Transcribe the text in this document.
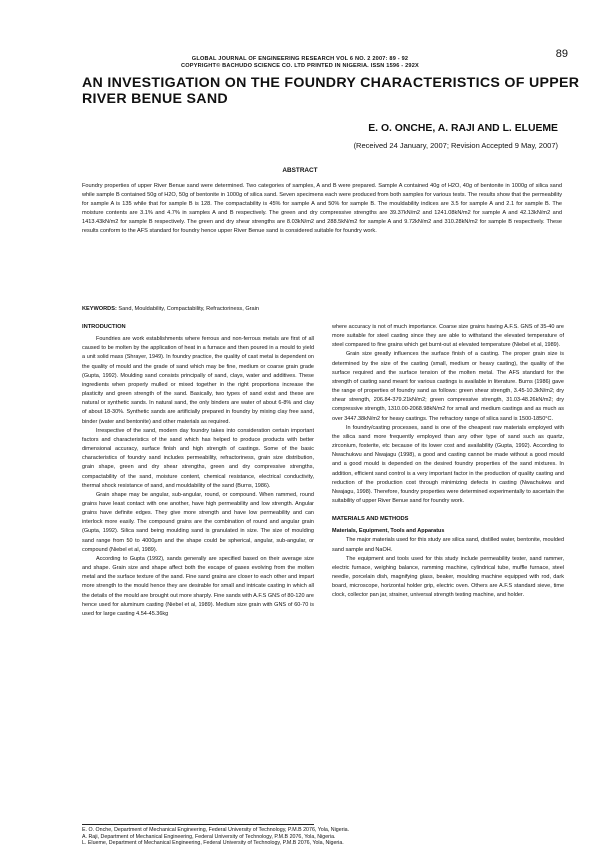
89
GLOBAL JOURNAL OF ENGINEERING RESEARCH VOL 6 NO. 2 2007: 89 - 92
COPYRIGHT© BACHUDO SCIENCE CO. LTD PRINTED IN NIGERIA. ISSN 1596 - 292X
AN INVESTIGATION ON THE FOUNDRY CHARACTERISTICS OF UPPER RIVER BENUE SAND
E. O. ONCHE, A. RAJI AND L. ELUEME
(Received 24 January, 2007; Revision Accepted 9 May, 2007)
ABSTRACT

Foundry properties of upper River Benue sand were determined. Two categories of samples, A and B were prepared. Sample A contained 40g of H2O, 40g of bentonite in 1000g of silica sand while sample B contained 50g of H2O, 50g of bentonite in 1000g of silica sand. Seven specimens each were produced from both samples for various tests. The results show that the permeability for sample A is 135 while that for sample B is 128. The compactability is 45% for sample A and 50% for sample B. The mouldability indices are 3.5 for sample A and 2.1 for sample B. The moisture contents are 3.1% and 4.7% in samples A and B respectively. The green and dry compressive strengths are 39.37kN/m2 and 1241.08kN/m2 for sample A and 42.13kN/m2 and 1413.43kN/m2 for sample B respectively. The green and dry shear strengths are 8.03kN/m2 and 288.5kN/m2 for sample A and 9.72kN/m2 and 310.28kN/m2 for sample B respectively. These results conform to the AFS standard for foundry hence upper River Benue sand is considered suitable for foundry work.

KEYWORDS: Sand, Mouldability, Compactability, Refractoriness, Grain
INTRODUCTION

Foundries are work establishments where ferrous and non-ferrous metals are first of all caused to be molten by the application of heat in a furnace and then poured in a mould to yield a unit solid mass (Shrayer, 1949). In foundry practice, the quality of cast metal is dependent on the quality of mould and the grade of sand which may be fine, medium or coarse grain grade (Gupta, 1992). Moulding sand consists principally of sand, clays, water and additives. These ingredients when properly mulled or mixed together in the right proportions increase the plasticity and green strength of the sand. Basically, two types of sand exist and these are natural or synthetic sands. In natural sand, the only binders are water of about 6-8% and clay of about 18-30%. Synthetic sands are artificially prepared in foundry by mixing clay free sand, binder (water and bentonite) and other materials as required.

Irrespective of the sand, modern day foundry takes into consideration certain important factors and characteristics of the sand which has helped to produce products with better dimensional accuracy, surface finish and high strength of castings. Some of the basic characteristics of foundry sand includes permeability, refractoriness, grain size distribution, grain shape, green and dry shear strengths, green and dry compressive strengths, compactability of the sand, moisture content, chemical resistance, electrical conductivity, thermal shock resistance of sand, and mouldability of the sand (Burns, 1986).

Grain shape may be angular, sub-angular, round, or compound. When rammed, round grains have least contact with one another, have high permeability and low strength. Angular grains have definite edges. They give more strength and have low permeability and can interlock more easily. The compound grains are the combination of round and angular grain (Gupta, 1992). Silica sand being moulding sand is granulated in size. The size of moulding sand range from 50 to 4000μm and the shape could be spherical, angular, sub-angular, or compound (Niebel et al, 1989).

According to Gupta (1992), sands generally are specified based on their average size and shape. Grain size and shape affect both the escape of gases evolving from the molten metal and the surface texture of the sand. Fine sand grains are closer to each other and impart more strength to the mould hence they are desirable for small and intricate casting in which all the details of the mould are brought out more sharply. Fine sands with A.F.S GNS of 80-120 are hence used for aluminum casting (Niebel et al, 1989). Medium size grain with GNS of 60-70 is used for large casting 4.54-45.36kg

where accuracy is not of much importance. Coarse size grains having A.F.S. GNS of 35-40 are more suitable for steel casting since they are able to withstand the elevated temperature of steel compared to fine grains which get burnt-out at elevated temperature (Niebel et al, 1989).

Grain size greatly influences the surface finish of a casting. The proper grain size is determined by the size of the casting (small, medium or heavy casting), the quality of the surface required and the surface tension of the molten metal. The AFS standard for the strength of casting sand meant for various castings is available in literature. Burns (1986) gave the range of properties of foundry sand as follows: green shear strength, 3.45-10.3kN/m2; dry shear strength, 206.84-379.21kN/m2; green compressive strength, 31.03-48.26kN/m2; dry compressive strength, 1310.00-2068.98kN/m2 for small and medium castings and as much as over 3447.38kN/m2 for heavy castings. The refractory range of silica sand is 1500-1850°C.

In foundry/casting processes, sand is one of the cheapest raw materials employed with the silica sand more frequently employed than any other type of sand such as quartz, zirconium, fosterite, etc because of its lower cost and availability (Gupta, 1992). According to Nwachukwu and Nwajagu (1998), a good and casting cannot be made without a good mould and a good mould is depended on the desired foundry properties of the sand mixtures. In addition, efficient sand control is a very important factor in the production of quality casting and reduction of the production cost through minimizing defects in casting (Nwachukwu and Nwajagu, 1998). Therefore, foundry properties were determined experimentally to ascertain the suitability of upper River Benue sand for foundry work.

MATERIALS AND METHODS
Materials, Equipment, Tools and Apparatus

The major materials used for this study are silica sand, distilled water, bentonite, moulded sand sample and NaOH.

The equipment and tools used for this study include permeability tester, sand rammer, electric furnace, weighing balance, ramming machine, cylindrical tube, muffle furnace, steel needle, porcelain dish, magnifying glass, beaker, moulding machine equipped with rod, dark board, microscope, horizontal holder grip, electric oven. Others are A.F.S standard sieve, time clock, collector pan jar, strainer, universal strength testing machine, and holder.

E. O. Onche, Department of Mechanical Engineering, Federal University of Technology, P.M.B 2076, Yola, Nigeria.
A. Raji, Department of Mechanical Engineering, Federal University of Technology, P.M.B 2076, Yola, Nigeria.
L. Elueme, Department of Mechanical Engineering, Federal University of Technology, P.M.B 2076, Yola, Nigeria.
